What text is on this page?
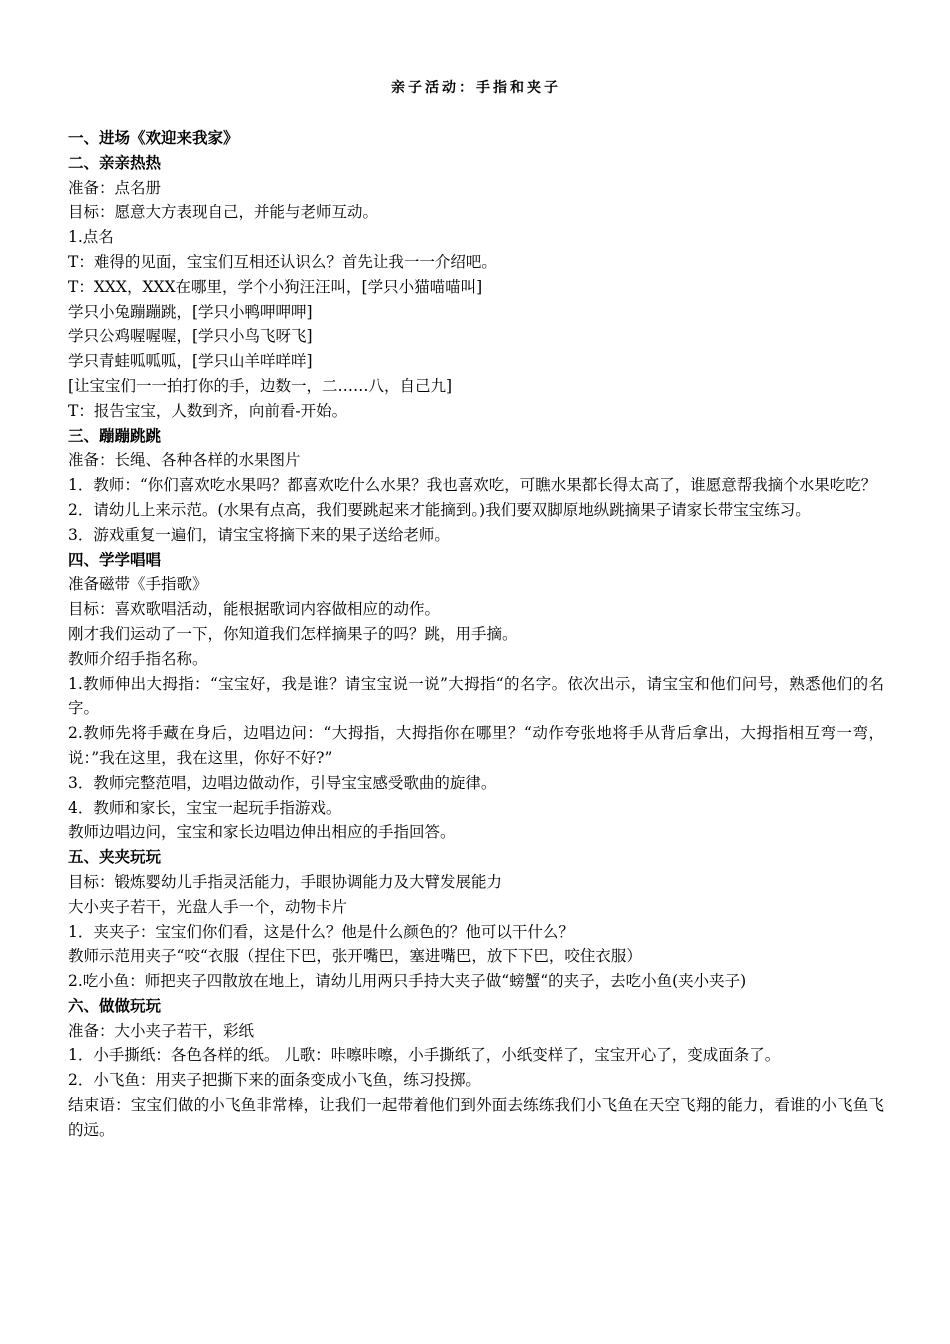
亲子活动：手指和夹子
一、进场《欢迎来我家》
二、亲亲热热
准备：点名册
目标：愿意大方表现自己，并能与老师互动。
1.点名
T：难得的见面，宝宝们互相还认识么？首先让我一一介绍吧。
T：XXX，XXX在哪里，学个小狗汪汪叫，[学只小猫喵喵叫]
学只小兔蹦蹦跳，[学只小鸭呷呷呷]
学只公鸡喔喔喔，[学只小鸟飞呀飞]
学只青蛙呱呱呱，[学只山羊咩咩咩]
[让宝宝们一一拍打你的手，边数一，二……八，自己九]
T：报告宝宝，人数到齐，向前看-开始。
三、蹦蹦跳跳
准备：长绳、各种各样的水果图片
1．教师：“你们喜欢吃水果吗？都喜欢吃什么水果？我也喜欢吃，可瞧水果都长得太高了，谁愿意帮我摘个水果吃吃？
2．请幼儿上来示范。(水果有点高，我们要跳起来才能摘到。)我们要双脚原地纵跳摘果子请家长带宝宝练习。
3．游戏重复一遍们，请宝宝将摘下来的果子送给老师。
四、学学唱唱
准备磁带《手指歌》
目标：喜欢歌唱活动，能根据歌词内容做相应的动作。
刚才我们运动了一下，你知道我们怎样摘果子的吗？跳，用手摘。
教师介绍手指名称。
1.教师伸出大拇指：“宝宝好，我是谁？请宝宝说一说”大拇指“的名字。依次出示，请宝宝和他们问号，熟悉他们的名字。
2.教师先将手藏在身后，边唱边问：“大拇指，大拇指你在哪里？“动作夸张地将手从背后拿出，大拇指相互弯一弯，说：”我在这里，我在这里，你好不好?”
3．教师完整范唱，边唱边做动作，引导宝宝感受歌曲的旋律。
4．教师和家长，宝宝一起玩手指游戏。
教师边唱边问，宝宝和家长边唱边伸出相应的手指回答。
五、夹夹玩玩
目标：锻炼婴幼儿手指灵活能力，手眼协调能力及大臂发展能力
大小夹子若干，光盘人手一个，动物卡片
1．夹夹子：宝宝们你们看，这是什么？他是什么颜色的？他可以干什么？
教师示范用夹子“咬“衣服（捏住下巴，张开嘴巴，塞进嘴巴，放下下巴，咬住衣服）
2.吃小鱼：师把夹子四散放在地上，请幼儿用两只手持大夹子做“螃蟹“的夹子，去吃小鱼(夹小夹子)
六、做做玩玩
准备：大小夹子若干，彩纸
1．小手撕纸：各色各样的纸。 儿歌：咔嚓咔嚓，小手撕纸了，小纸变样了，宝宝开心了，变成面条了。
2．小飞鱼：用夹子把撕下来的面条变成小飞鱼，练习投掷。
结束语：宝宝们做的小飞鱼非常棒，让我们一起带着他们到外面去练练我们小飞鱼在天空飞翔的能力，看谁的小飞鱼飞的远。
